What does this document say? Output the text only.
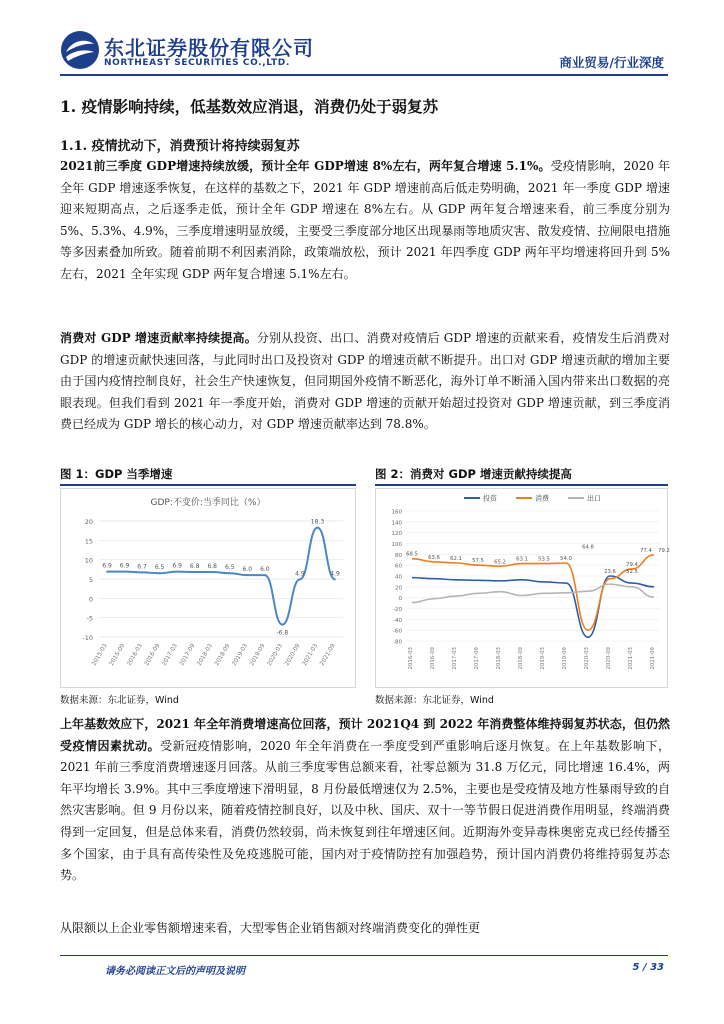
东北证券股份有限公司
NORTHEAST SECURITIES CO.,LTD.	商业贸易/行业深度
1. 疫情影响持续，低基数效应消退，消费仍处于弱复苏
1.1. 疫情扰动下，消费预计将持续弱复苏

2021前三季度 GDP增速持续放缓，预计全年 GDP增速 8%左右，两年复合增速 5.1%。受疫情影响，2020 年全年 GDP 增速逐季恢复，在这样的基数之下，2021 年 GDP 增速前高后低走势明确，2021 年一季度 GDP 增速迎来短期高点，之后逐季走低，预计全年 GDP 增速在 8%左右。从 GDP 两年复合增速来看，前三季度分别为 5%、5.3%、4.9%，三季度增速明显放缓，主要受三季度部分地区出现暴雨等地质灾害、散发疫情、拉闸限电措施等多因素叠加所致。随着前期不利因素消除，政策端放松，预计 2021 年四季度 GDP 两年平均增速将回升到 5%左右，2021 全年实现 GDP 两年复合增速 5.1%左右。

消费对 GDP 增速贡献率持续提高。分别从投资、出口、消费对疫情后 GDP 增速的贡献来看，疫情发生后消费对 GDP 的增速贡献快速回落，与此同时出口及投资对 GDP 的增速贡献不断提升。出口对 GDP 增速贡献的增加主要由于国内疫情控制良好，社会生产快速恢复，但同期国外疫情不断恶化，海外订单不断涌入国内带来出口数据的亮眼表现。但我们看到 2021 年一季度开始，消费对 GDP 增速的贡献开始超过投资对 GDP 增速贡献，到三季度消费已经成为 GDP 增长的核心动力，对 GDP 增速贡献率达到 78.8%。

图 1：GDP 当季增速
GDP:不变价:当季同比（%）
-10
-5
0
5
10
15
20
6.9 6.9 6.7 6.5 6.9 6.8 6.8 6.5 6.0 6.0
-6.8
4.9
18.3
4.9
2015-03 2015-09 2016-03 2016-09 2017-03 2017-09 2018-03 2018-09 2019-03 2019-09 2020-03 2020-09 2021-03 2021-09
数据来源：东北证券，Wind
图 2：消费对 GDP 增速贡献持续提高
-80
-60
-40
-20
0
20
40
60
80
100
120
140
160
投资	消费	出口
68.5
63.6 62.1 57.5 65.2 63.1 53.5 54.0
64.8
23.6
79.4
52.5
77.4 79.2
2016-03	2016-09	2017-03	2017-09	2018-03	2018-09	2019-03	2019-09	2020-03	2020-09	2021-03	2021-09
数据来源：东北证券，Wind

上年基数效应下，2021 年全年消费增速高位回落，预计 2021Q4 到 2022 年消费整体维持弱复苏状态，但仍然受疫情因素扰动。受新冠疫情影响，2020 年全年消费在一季度受到严重影响后逐月恢复。在上年基数影响下，2021 年前三季度消费增速逐月回落。从前三季度零售总额来看，社零总额为 31.8 万亿元，同比增速 16.4%，两年平均增长 3.9%。其中三季度增速下滑明显，8 月份最低增速仅为 2.5%，主要也是受疫情及地方性暴雨导致的自然灾害影响。但 9 月份以来，随着疫情控制良好，以及中秋、国庆、双十一等节假日促进消费作用明显，终端消费得到一定回复，但是总体来看，消费仍然较弱，尚未恢复到往年增速区间。近期海外变异毒株奥密克戎已经传播至多个国家，由于具有高传染性及免疫逃脱可能，国内对于疫情防控有加强趋势，预计国内消费仍将维持弱复苏态势。

从限额以上企业零售额增速来看，大型零售企业销售额对终端消费变化的弹性更

请务必阅读正文后的声明及说明	5 / 33
